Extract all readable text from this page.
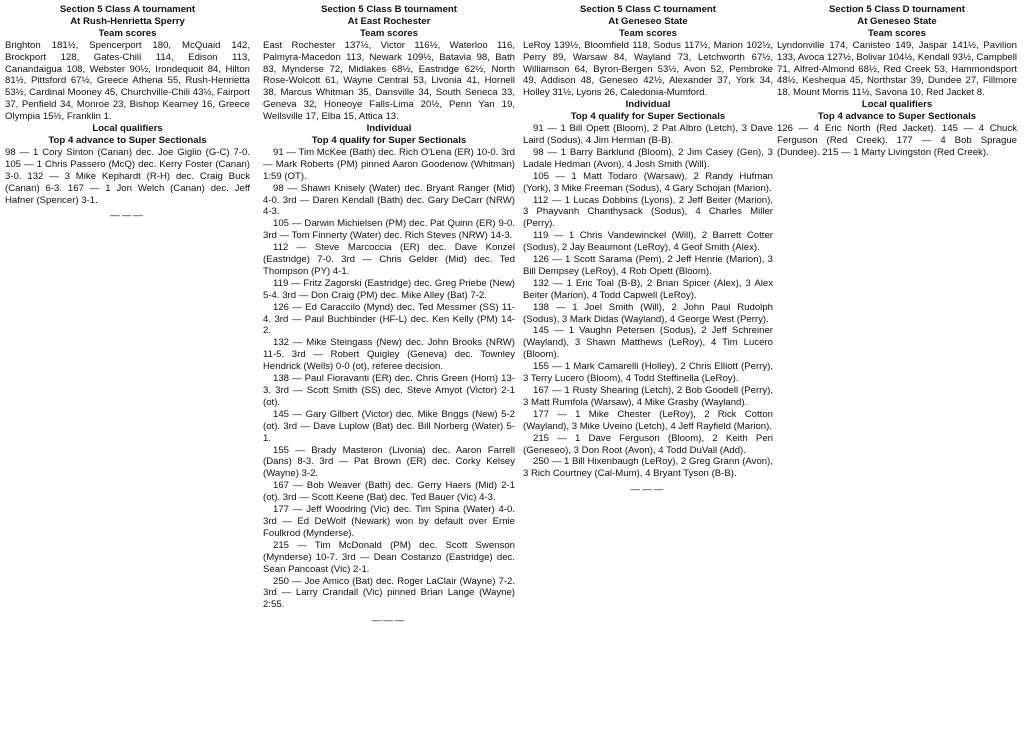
Section 5 Class A tournament

At Rush-Henrietta Sperry

Team scores

Brighton 181½, Spencerport 180, McQuaid 142, Brockport 128, Gates-Chili 114, Edison 113, Canandaigua 108, Webster 90½, Irondequoit 84, Hilton 81½, Pittsford 67½, Greece Athena 55, Rush-Henrietta 53½, Cardinal Mooney 45, Churchville-Chili 43½, Fairport 37, Penfield 34, Monroe 23, Bishop Kearney 16, Greece Olympia 15½, Franklin 1.

Local qualifiers

Top 4 advance to Super Sectionals

98 — 1 Cory Sinton (Canan) dec. Joe Giglio (G-C) 7-0. 105 — 1 Chris Passero (McQ) dec. Kerry Foster (Canan) 3-0. 132 — 3 Mike Kephardt (R-H) dec. Craig Buck (Canan) 6-3. 167 — 1 Jon Welch (Canan) dec. Jeff Hafner (Spencer) 3-1.

———

Section 5 Class B tournament

At East Rochester

Team scores

East Rochester 137½, Victor 116½, Waterloo 116, Palmyra-Macedon 113, Newark 109½, Batavia 98, Bath 83, Mynderse 72, Midlakes 68½, Eastridge 62½, North Rose-Wolcott 61, Wayne Central 53, Livonia 41, Hornell 38, Marcus Whitman 35, Dansville 34, South Seneca 33, Geneva 32, Honeoye Falls-Lima 20½, Penn Yan 19, Wellsville 17, Elba 15, Attica 13.

Individual

Top 4 qualify for Super Sectionals

91 — Tim McKee (Bath) dec. Rich O'Lena (ER) 10-0. 3rd — Mark Roberts (PM) pinned Aaron Goodenow (Whitman) 1:59 (OT).

98 — Shawn Knisely (Water) dec. Bryant Ranger (Mid) 4-0. 3rd — Daren Kendall (Bath) dec. Gary DeCarr (NRW) 4-3.

105 — Darwin Michielsen (PM) dec. Pat Quinn (ER) 9-0. 3rd — Tom Finnerty (Water) dec. Rich Steves (NRW) 14-3.

112 — Steve Marcoccia (ER) dec. Dave Konzel (Eastridge) 7-0. 3rd — Chris Gelder (Mid) dec. Ted Thompson (PY) 4-1.

119 — Fritz Zagorski (Eastridge) dec. Greg Priebe (New) 5-4. 3rd — Don Craig (PM) dec. Mike Alley (Bat) 7-2.

126 — Ed Caraccilo (Mynd) dec. Ted Messmer (SS) 11-4. 3rd — Paul Buchbinder (HF-L) dec. Ken Kelly (PM) 14-2.

132 — Mike Steingass (New) dec. John Brooks (NRW) 11-5. 3rd — Robert Quigley (Geneva) dec. Townley Hendrick (Wells) 0-0 (ot), referee decision.

138 — Paul Fioravanti (ER) dec. Chris Green (Horn) 13-3. 3rd — Scott Smith (SS) dec. Steve Amyot (Victor) 2-1 (ot).

145 — Gary Gilbert (Victor) dec. Mike Briggs (New) 5-2 (ot). 3rd — Dave Luplow (Bat) dec. Bill Norberg (Water) 5-1.

155 — Brady Masteron (Livonia) dec. Aaron Farrell (Dans) 8-3. 3rd — Pat Brown (ER) dec. Corky Kelsey (Wayne) 3-2.

167 — Bob Weaver (Bath) dec. Gerry Haers (Mid) 2-1 (ot). 3rd — Scott Keene (Bat) dec. Ted Bauer (Vic) 4-3.

177 — Jeff Woodring (Vic) dec. Tim Spina (Water) 4-0. 3rd — Ed DeWolf (Newark) won by default over Ernie Foulkrod (Mynderse).

215 — Tim McDonald (PM) dec. Scott Swenson (Mynderse) 10-7. 3rd — Dean Costanzo (Eastridge) dec. Sean Pancoast (Vic) 2-1.

250 — Joe Amico (Bat) dec. Roger LaClair (Wayne) 7-2. 3rd — Larry Crandall (Vic) pinned Brian Lange (Wayne) 2:55.

———

Section 5 Class C tournament

At Geneseo State

Team scores

LeRoy 139½, Bloomfield 118, Sodus 117½, Marion 102½, Perry 89, Warsaw 84, Wayland 73, Letchworth 67½, Williamson 64, Byron-Bergen 53½, Avon 52, Pembroke 49, Addison 48, Geneseo 42½, Alexander 37, York 34, Holley 31½, Lyons 26, Caledonia-Mumford.

Individual

Top 4 qualify for Super Sectionals

91 — 1 Bill Opett (Bloom), 2 Pat Albro (Letch), 3 Dave Laird (Sodus), 4 Jim Herman (B-B).

98 — 1 Barry Barklund (Bloom), 2 Jim Casey (Gen), 3 Ladale Hedman (Avon), 4 Josh Smith (Will).

105 — 1 Matt Todaro (Warsaw), 2 Randy Hufman (York), 3 Mike Freeman (Sodus), 4 Gary Schojan (Marion).

112 — 1 Lucas Dobbins (Lyons), 2 Jeff Beiter (Marion), 3 Phayvanh Chanthysack (Sodus), 4 Charles Miller (Perry).

119 — 1 Chris Vandewinckel (Will), 2 Barrett Cotter (Sodus), 2 Jay Beaumont (LeRoy), 4 Geof Smith (Alex).

126 — 1 Scott Sarama (Pem), 2 Jeff Henrie (Marion), 3 Bill Dempsey (LeRoy), 4 Rob Opett (Bloom).

132 — 1 Eric Toal (B-B), 2 Brian Spicer (Alex), 3 Alex Beiter (Marion), 4 Todd Capwell (LeRoy).

138 — 1 Joel Smith (Will), 2 John Paul Rudolph (Sodus), 3 Mark Didas (Wayland), 4 George West (Perry).

145 — 1 Vaughn Petersen (Sodus), 2 Jeff Schreiner (Wayland), 3 Shawn Matthews (LeRoy), 4 Tim Lucero (Bloom).

155 — 1 Mark Camarelli (Holley), 2 Chris Elliott (Perry), 3 Terry Lucero (Bloom), 4 Todd Steffinella (LeRoy).

167 — 1 Rusty Shearing (Letch), 2 Bob Goodell (Perry), 3 Matt Rumfola (Warsaw), 4 Mike Grasby (Wayland).

177 — 1 Mike Chester (LeRoy), 2 Rick Cotton (Wayland), 3 Mike Uveino (Letch), 4 Jeff Rayfield (Marion).

215 — 1 Dave Ferguson (Bloom), 2 Keith Peri (Geneseo), 3 Don Root (Avon), 4 Todd DuVall (Add).

250 — 1 Bill Hixenbaugh (LeRoy), 2 Greg Grann (Avon), 3 Rich Courtney (Cal-Mum), 4 Bryant Tyson (B-B).

———

Section 5 Class D tournament

At Geneseo State

Team scores

Lyndonville 174, Canisteo 149, Jaspar 141½, Pavilion 133, Avoca 127½, Bolivar 104½, Kendall 93½, Campbell 71, Alfred-Almond 68½, Red Creek 53, Hammondsport 48½, Keshequa 45, Northstar 39, Dundee 27, Fillmore 18, Mount Morris 11½, Savona 10, Red Jacket 8.

Local qualifiers

Top 4 advance to Super Sectionals

126 — 4 Eric North (Red Jacket). 145 — 4 Chuck Ferguson (Red Creek). 177 — 4 Bob Sprague (Dundee). 215 — 1 Marty Livingston (Red Creek).
